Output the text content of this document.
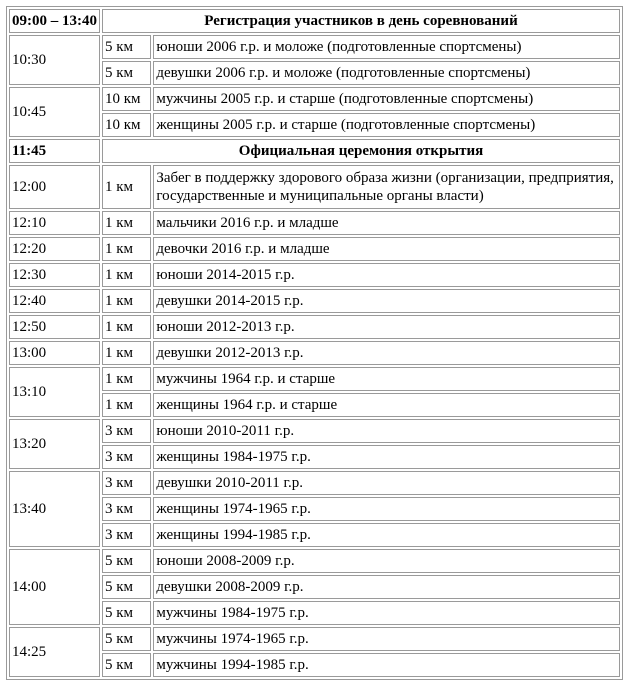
09:00 – 13:40	Регистрация участников в день соревнований	
10:30	5 км	юноши 2006 г.р. и моложе (подготовленные спортсмены)
	5 км	девушки 2006 г.р. и моложе (подготовленные спортсмены)
10:45	10 км	мужчины 2005 г.р. и старше (подготовленные спортсмены)
	10 км	женщины 2005 г.р. и старше (подготовленные спортсмены)
11:45	Официальная церемония открытия	
12:00	1 км	Забег в поддержку здорового образа жизни (организации, предприятия, государственные и муниципальные органы власти)
12:10	1 км	мальчики 2016 г.р. и младше
12:20	1 км	девочки 2016 г.р. и младше
12:30	1 км	юноши 2014-2015 г.р.
12:40	1 км	девушки 2014-2015 г.р.
12:50	1 км	юноши 2012-2013 г.р.
13:00	1 км	девушки 2012-2013 г.р.
13:10	1 км	мужчины 1964 г.р. и старше
	1 км	женщины 1964 г.р. и старше
13:20	3 км	юноши 2010-2011 г.р.
	3 км	женщины 1984-1975 г.р.
13:40	3 км	девушки 2010-2011 г.р.
	3 км	женщины 1974-1965 г.р.
	3 км	женщины 1994-1985 г.р.
14:00	5 км	юноши 2008-2009 г.р.
	5 км	девушки 2008-2009 г.р.
	5 км	мужчины 1984-1975 г.р.
14:25	5 км	мужчины 1974-1965 г.р.
	5 км	мужчины 1994-1985 г.р.
